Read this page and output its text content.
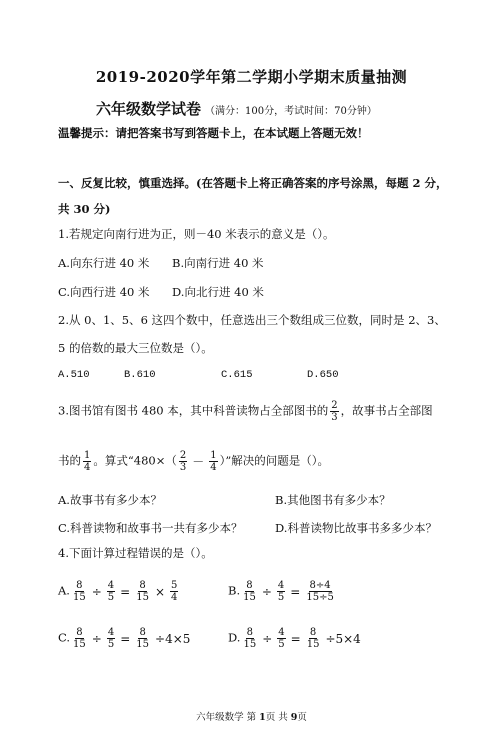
2019-2020学年第二学期小学期末质量抽测
六年级数学试卷 （满分：100分，考试时间：70分钟）
温馨提示：请把答案书写到答题卡上，在本试题上答题无效！
一、反复比较，慎重选择。(在答题卡上将正确答案的序号涂黑，每题 2 分，共 30 分)
1.若规定向南行进为正，则－40 米表示的意义是（）。
A.向东行进 40 米 B.向南行进 40 米
C.向西行进 40 米 D.向北行进 40 米
2.从 0、1、5、6 这四个数中，任意选出三个数组成三位数，同时是 2、3、
5 的倍数的最大三位数是（）。
A.510	B.610	C.615	D.650
3.图书馆有图书 480 本，其中科普读物占全部图书的 $\frac{2}{3}$ ，故事书占全部图
书的 $\frac{1}{4}$ 。算式“$480\times( \frac{2}{3} - \frac{1}{4}$ ）”解决的问题是（）。
A.故事书有多少本？	B.其他图书有多少本？
C.科普读物和故事书一共有多少本？	D.科普读物比故事书多多少本？
4.下面计算过程错误的是（）。
A. $\frac{8}{15} \div \frac{4}{5} = \frac{8}{15} \times \frac{5}{4}$	B. $\frac{8}{15} \div \frac{4}{5} = \frac{8\div 4}{15\div 5}$
C. $\frac{8}{15} \div \frac{4}{5} = \frac{8}{15} \div 4\times 5$	D. $\frac{8}{15} \div \frac{4}{5} = \frac{8}{15} \div 5\times 4$
六年级数学 第 1页 共 9页
